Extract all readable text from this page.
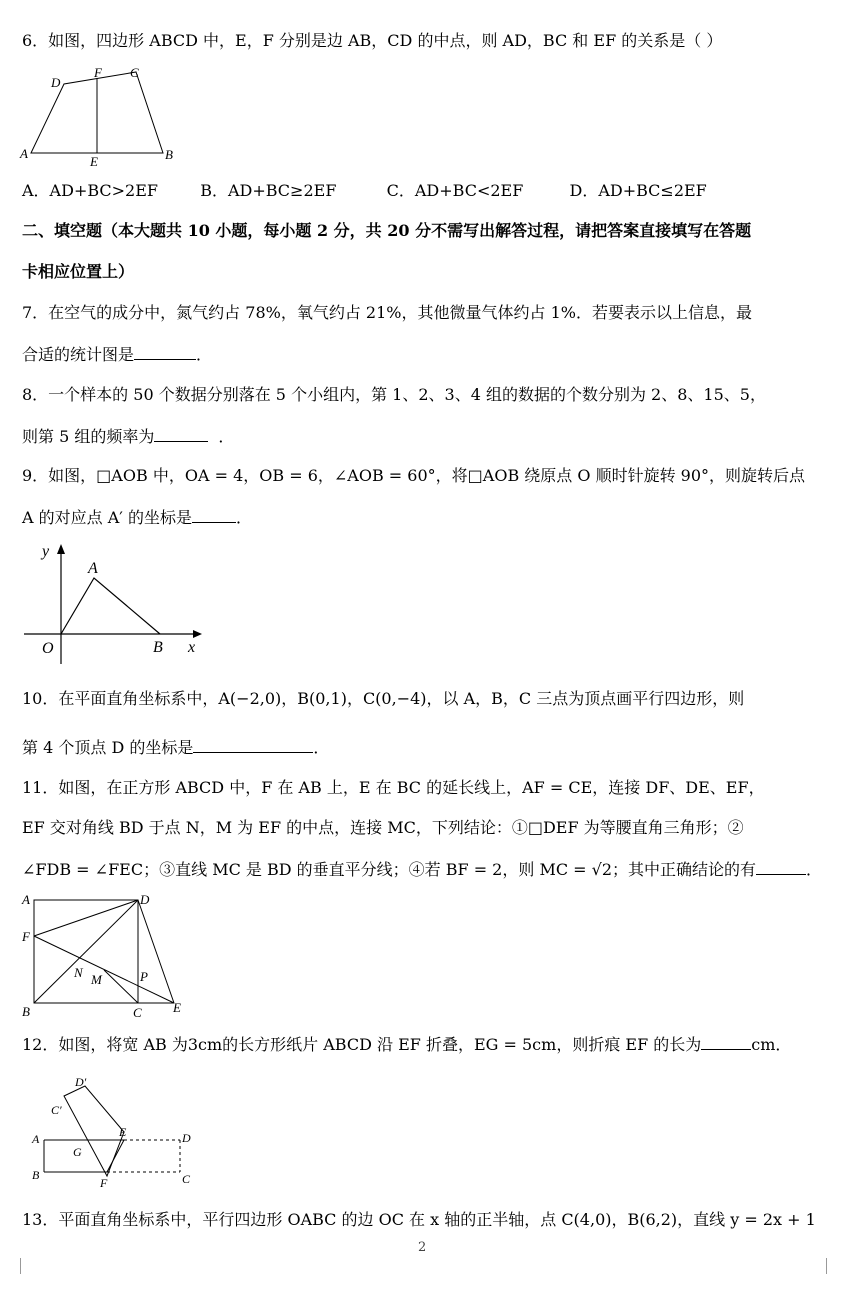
6．如图，四边形 ABCD 中，E，F 分别是边 AB，CD 的中点，则 AD，BC 和 EF 的关系是（ ）
A	B
C
D
E
F
A．AD+BC>2EF	B．AD+BC≥2EF	C．AD+BC<2EF	D．AD+BC≤2EF
二、填空题（本大题共 10 小题，每小题 2 分，共 20 分不需写出解答过程，请把答案直接填写在答题
卡相应位置上）
7．在空气的成分中，氮气约占 78%，氧气约占 21%，其他微量气体约占 1%．若要表示以上信息，最
合适的统计图是	．
8．一个样本的 50 个数据分别落在 5 个小组内，第 1、2、3、4 组的数据的个数分别为 2、8、15、5，
则第 5 组的频率为	．
9．如图，□AOB 中，OA = 4，OB = 6，∠AOB = 60°，将□AOB 绕原点 O 顺时针旋转 90°，则旋转后点
A 的对应点 A′ 的坐标是	．
y
A
O	B x
10．在平面直角坐标系中，A(−2,0)，B(0,1)，C(0,−4)，以 A，B，C 三点为顶点画平行四边形，则
第 4 个顶点 D 的坐标是	．
11．如图，在正方形 ABCD 中，F 在 AB 上，E 在 BC 的延长线上，AF = CE，连接 DF、DE、EF，
EF 交对角线 BD 于点 N，M 为 EF 的中点，连接 MC，下列结论：①□DEF 为等腰直角三角形；②
∠FDB = ∠FEC；③直线 MC 是 BD 的垂直平分线；④若 BF = 2，则 MC = √2；其中正确结论的有	．
A	D
F
N M	P
B	C E
12．如图，将宽 AB 为3cm的长方形纸片 ABCD 沿 EF 折叠，EG = 5cm，则折痕 EF 的长为	cm．
D′
C′
A	E	D
G
B
F	C
13．平面直角坐标系中，平行四边形 OABC 的边 OC 在 x 轴的正半轴，点 C(4,0)，B(6,2)，直线 y = 2x + 1
2
